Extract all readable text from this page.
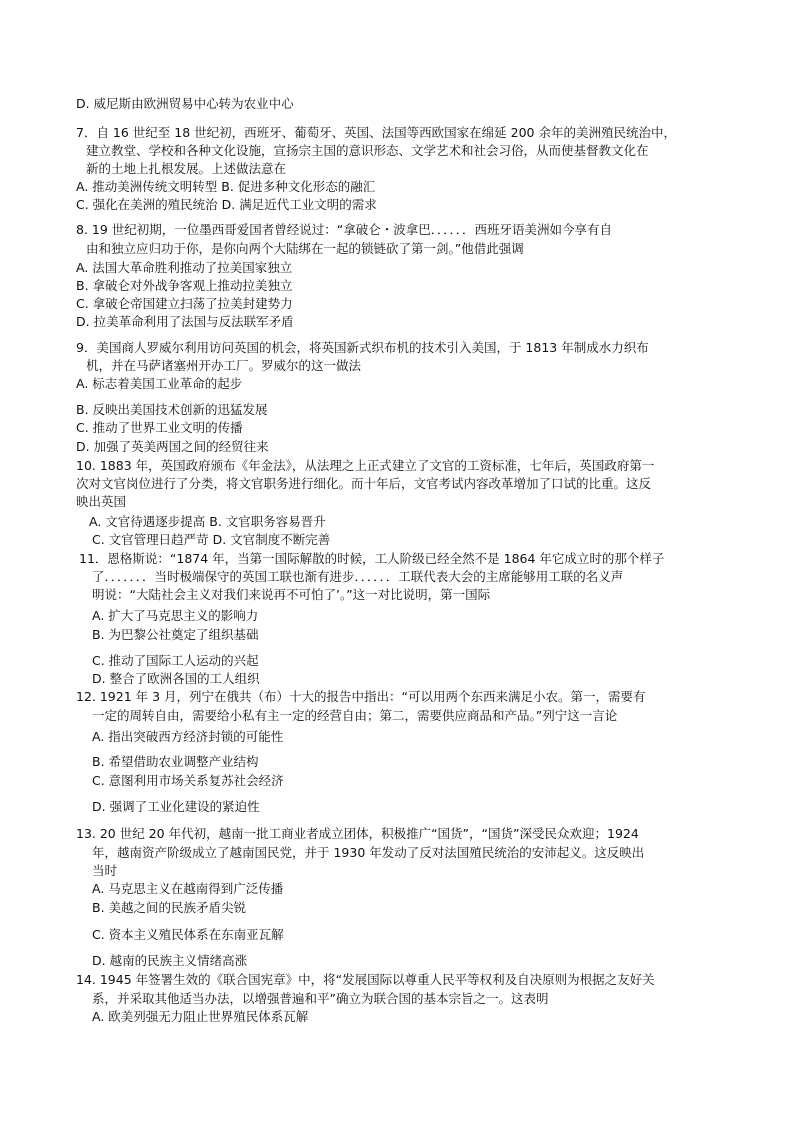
D. 威尼斯由欧洲贸易中心转为农业中心
7．自 16 世纪至 18 世纪初，西班牙、葡萄牙、英国、法国等西欧国家在绵延 200 余年的美洲殖民统治中，
建立教堂、学校和各种文化设施，宣扬宗主国的意识形态、文学艺术和社会习俗，从而使基督教文化在
新的土地上扎根发展。上述做法意在
A. 推动美洲传统文明转型 B. 促进多种文化形态的融汇
C. 强化在美洲的殖民统治 D. 满足近代工业文明的需求
8. 19 世纪初期，一位墨西哥爱国者曾经说过：“拿破仑・波拿巴．．．．．．西班牙语美洲如今享有自
由和独立应归功于你，是你向两个大陆绑在一起的锁链砍了第一剑。”他借此强调
A. 法国大革命胜利推动了拉美国家独立
B. 拿破仑对外战争客观上推动拉美独立
C. 拿破仑帝国建立扫荡了拉美封建势力
D. 拉美革命利用了法国与反法联军矛盾
9．美国商人罗威尔利用访问英国的机会，将英国新式织布机的技术引入美国，于 1813 年制成水力织布
机，并在马萨诸塞州开办工厂。罗威尔的这一做法
A. 标志着美国工业革命的起步
B. 反映出美国技术创新的迅猛发展
C. 推动了世界工业文明的传播
D. 加强了英美两国之间的经贸往来
10. 1883 年，英国政府颁布《年金法》，从法理之上正式建立了文官的工资标准，七年后，英国政府第一
次对文官岗位进行了分类，将文官职务进行细化。而十年后，文官考试内容改革增加了口试的比重。这反
映出英国
A. 文官待遇逐步提高 B. 文官职务容易晋升
C. 文官管理日趋严苛 D. 文官制度不断完善
11．恩格斯说：“1874 年，当第一国际解散的时候，工人阶级已经全然不是 1864 年它成立时的那个样子
了．．．．．．．当时极端保守的英国工联也渐有进步．．．．．．工联代表大会的主席能够用工联的名义声
明说：“大陆社会主义对我们来说再不可怕了’。”这一对比说明，第一国际
A. 扩大了马克思主义的影响力
B. 为巴黎公社奠定了组织基础
C. 推动了国际工人运动的兴起
D. 整合了欧洲各国的工人组织
12. 1921 年 3 月，列宁在俄共（布）十大的报告中指出：“可以用两个东西来满足小农。第一，需要有
一定的周转自由，需要给小私有主一定的经营自由；第二，需要供应商品和产品。”列宁这一言论
A. 指出突破西方经济封锁的可能性
B. 希望借助农业调整产业结构
C. 意图利用市场关系复苏社会经济
D. 强调了工业化建设的紧迫性
13. 20 世纪 20 年代初，越南一批工商业者成立团体，积极推广“国货”，“国货”深受民众欢迎；1924
年，越南资产阶级成立了越南国民党，并于 1930 年发动了反对法国殖民统治的安沛起义。这反映出
当时
A. 马克思主义在越南得到广泛传播
B. 美越之间的民族矛盾尖锐
C. 资本主义殖民体系在东南亚瓦解
D. 越南的民族主义情绪高涨
14. 1945 年签署生效的《联合国宪章》中，将“发展国际以尊重人民平等权利及自决原则为根据之友好关
系，并采取其他适当办法，以增强普遍和平”确立为联合国的基本宗旨之一。这表明
A. 欧美列强无力阻止世界殖民体系瓦解
